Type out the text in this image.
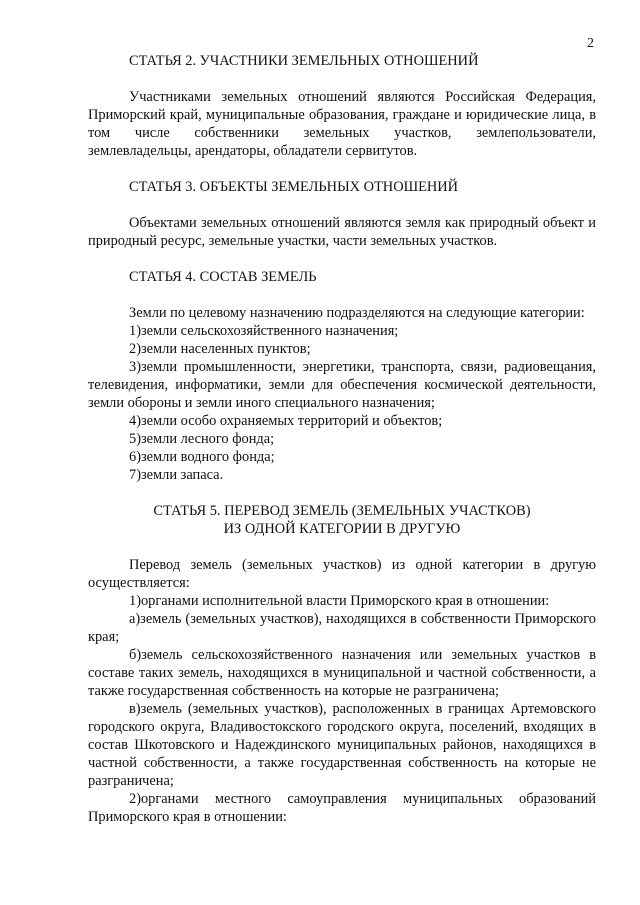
2
СТАТЬЯ 2. УЧАСТНИКИ ЗЕМЕЛЬНЫХ ОТНОШЕНИЙ

Участниками земельных отношений являются Российская Федерация, Приморский край, муниципальные образования, граждане и юридические лица, в том числе собственники земельных участков, землепользователи, землевладельцы, арендаторы, обладатели сервитутов.

СТАТЬЯ 3. ОБЪЕКТЫ ЗЕМЕЛЬНЫХ ОТНОШЕНИЙ

Объектами земельных отношений являются земля как природный объект и природный ресурс, земельные участки, части земельных участков.

СТАТЬЯ 4. СОСТАВ ЗЕМЕЛЬ

Земли по целевому назначению подразделяются на следующие категории:

1)земли сельскохозяйственного назначения;

2)земли населенных пунктов;

3)земли промышленности, энергетики, транспорта, связи, радиовещания, телевидения, информатики, земли для обеспечения космической деятельности, земли обороны и земли иного специального назначения;

4)земли особо охраняемых территорий и объектов;

5)земли лесного фонда;

6)земли водного фонда;

7)земли запаса.

СТАТЬЯ 5. ПЕРЕВОД ЗЕМЕЛЬ (ЗЕМЕЛЬНЫХ УЧАСТКОВ)
ИЗ ОДНОЙ КАТЕГОРИИ В ДРУГУЮ

Перевод земель (земельных участков) из одной категории в другую осуществляется:

1)органами исполнительной власти Приморского края в отношении:

а)земель (земельных участков), находящихся в собственности Приморского края;

б)земель сельскохозяйственного назначения или земельных участков в составе таких земель, находящихся в муниципальной и частной собственности, а также государственная собственность на которые не разграничена;

в)земель (земельных участков), расположенных в границах Артемовского городского округа, Владивостокского городского округа, поселений, входящих в состав Шкотовского и Надеждинского муниципальных районов, находящихся в частной собственности, а также государственная собственность на которые не разграничена;

2)органами местного самоуправления муниципальных образований Приморского края в отношении:
